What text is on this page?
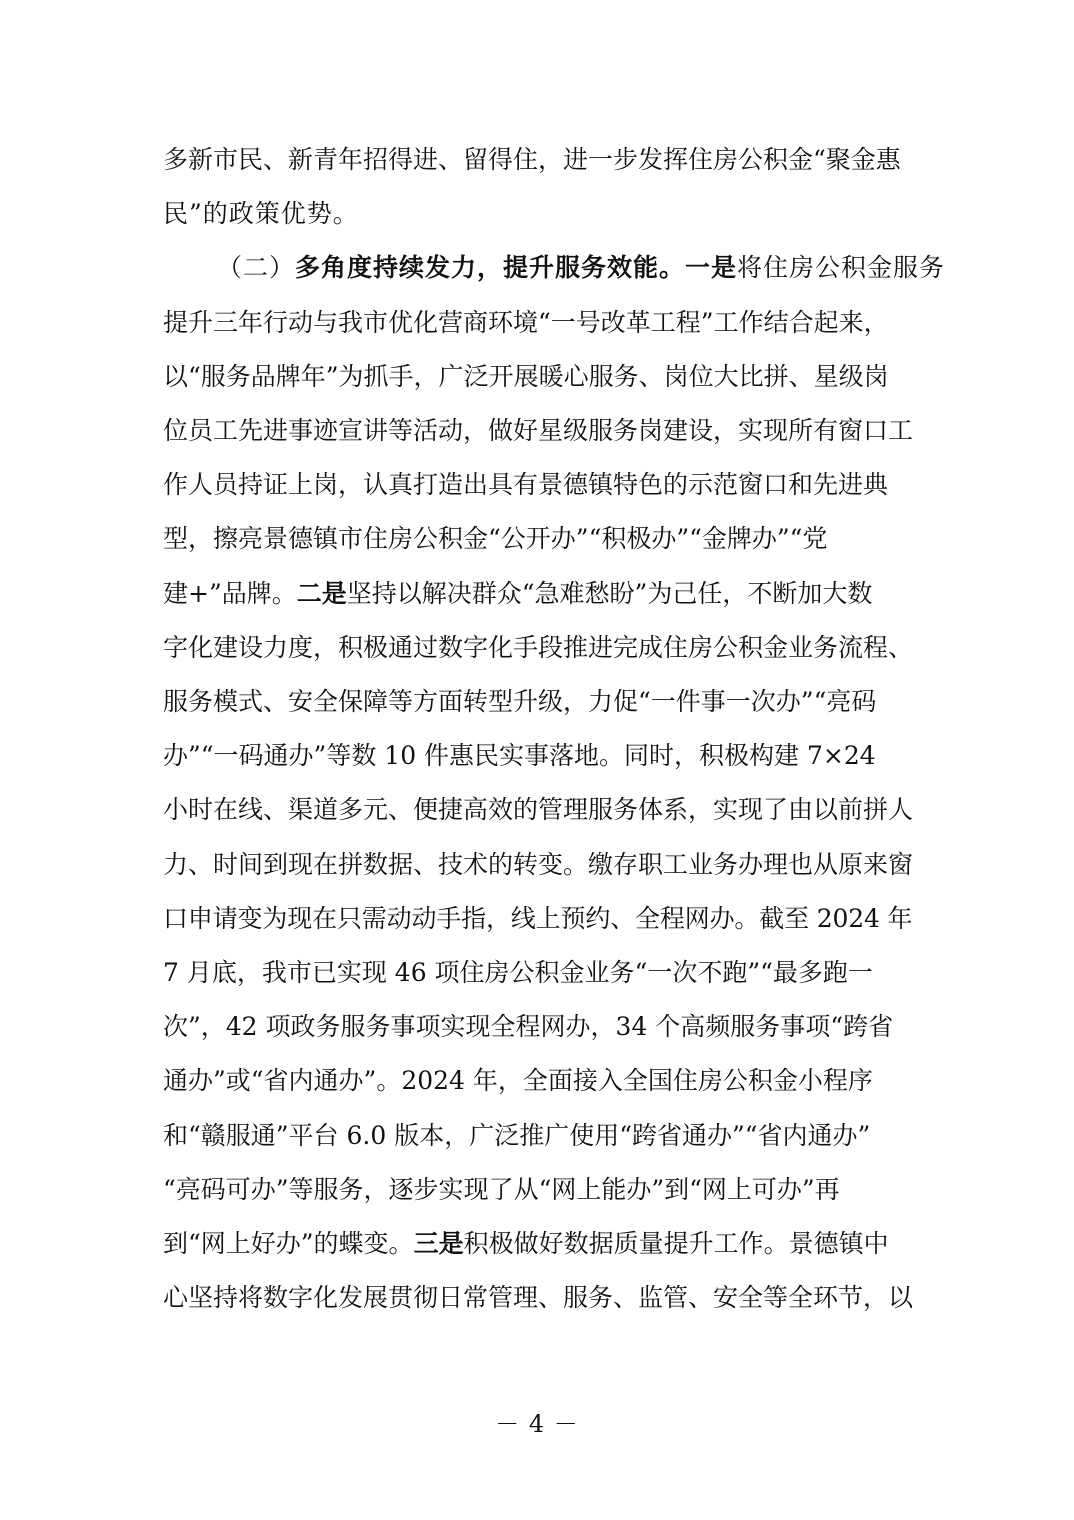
多新市民、新青年招得进、留得住，进一步发挥住房公积金“聚金惠
民”的政策优势。
（二）多角度持续发力，提升服务效能。一是将住房公积金服务
提升三年行动与我市优化营商环境“一号改革工程”工作结合起来，
以“服务品牌年”为抓手，广泛开展暖心服务、岗位大比拼、星级岗
位员工先进事迹宣讲等活动，做好星级服务岗建设，实现所有窗口工
作人员持证上岗，认真打造出具有景德镇特色的示范窗口和先进典
型，擦亮景德镇市住房公积金“公开办”“积极办”“金牌办”“党
建+”品牌。二是坚持以解决群众“急难愁盼”为己任，不断加大数
字化建设力度，积极通过数字化手段推进完成住房公积金业务流程、
服务模式、安全保障等方面转型升级，力促“一件事一次办”“亮码
办”“一码通办”等数 10 件惠民实事落地。同时，积极构建 7×24
小时在线、渠道多元、便捷高效的管理服务体系，实现了由以前拼人
力、时间到现在拼数据、技术的转变。缴存职工业务办理也从原来窗
口申请变为现在只需动动手指，线上预约、全程网办。截至 2024 年
7 月底，我市已实现 46 项住房公积金业务“一次不跑”“最多跑一
次”，42 项政务服务事项实现全程网办，34 个高频服务事项“跨省
通办”或“省内通办”。2024 年，全面接入全国住房公积金小程序
和“赣服通”平台 6.0 版本，广泛推广使用“跨省通办”“省内通办”
“亮码可办”等服务，逐步实现了从“网上能办”到“网上可办”再
到“网上好办”的蝶变。三是积极做好数据质量提升工作。景德镇中
心坚持将数字化发展贯彻日常管理、服务、监管、安全等全环节，以
－ 4 －
